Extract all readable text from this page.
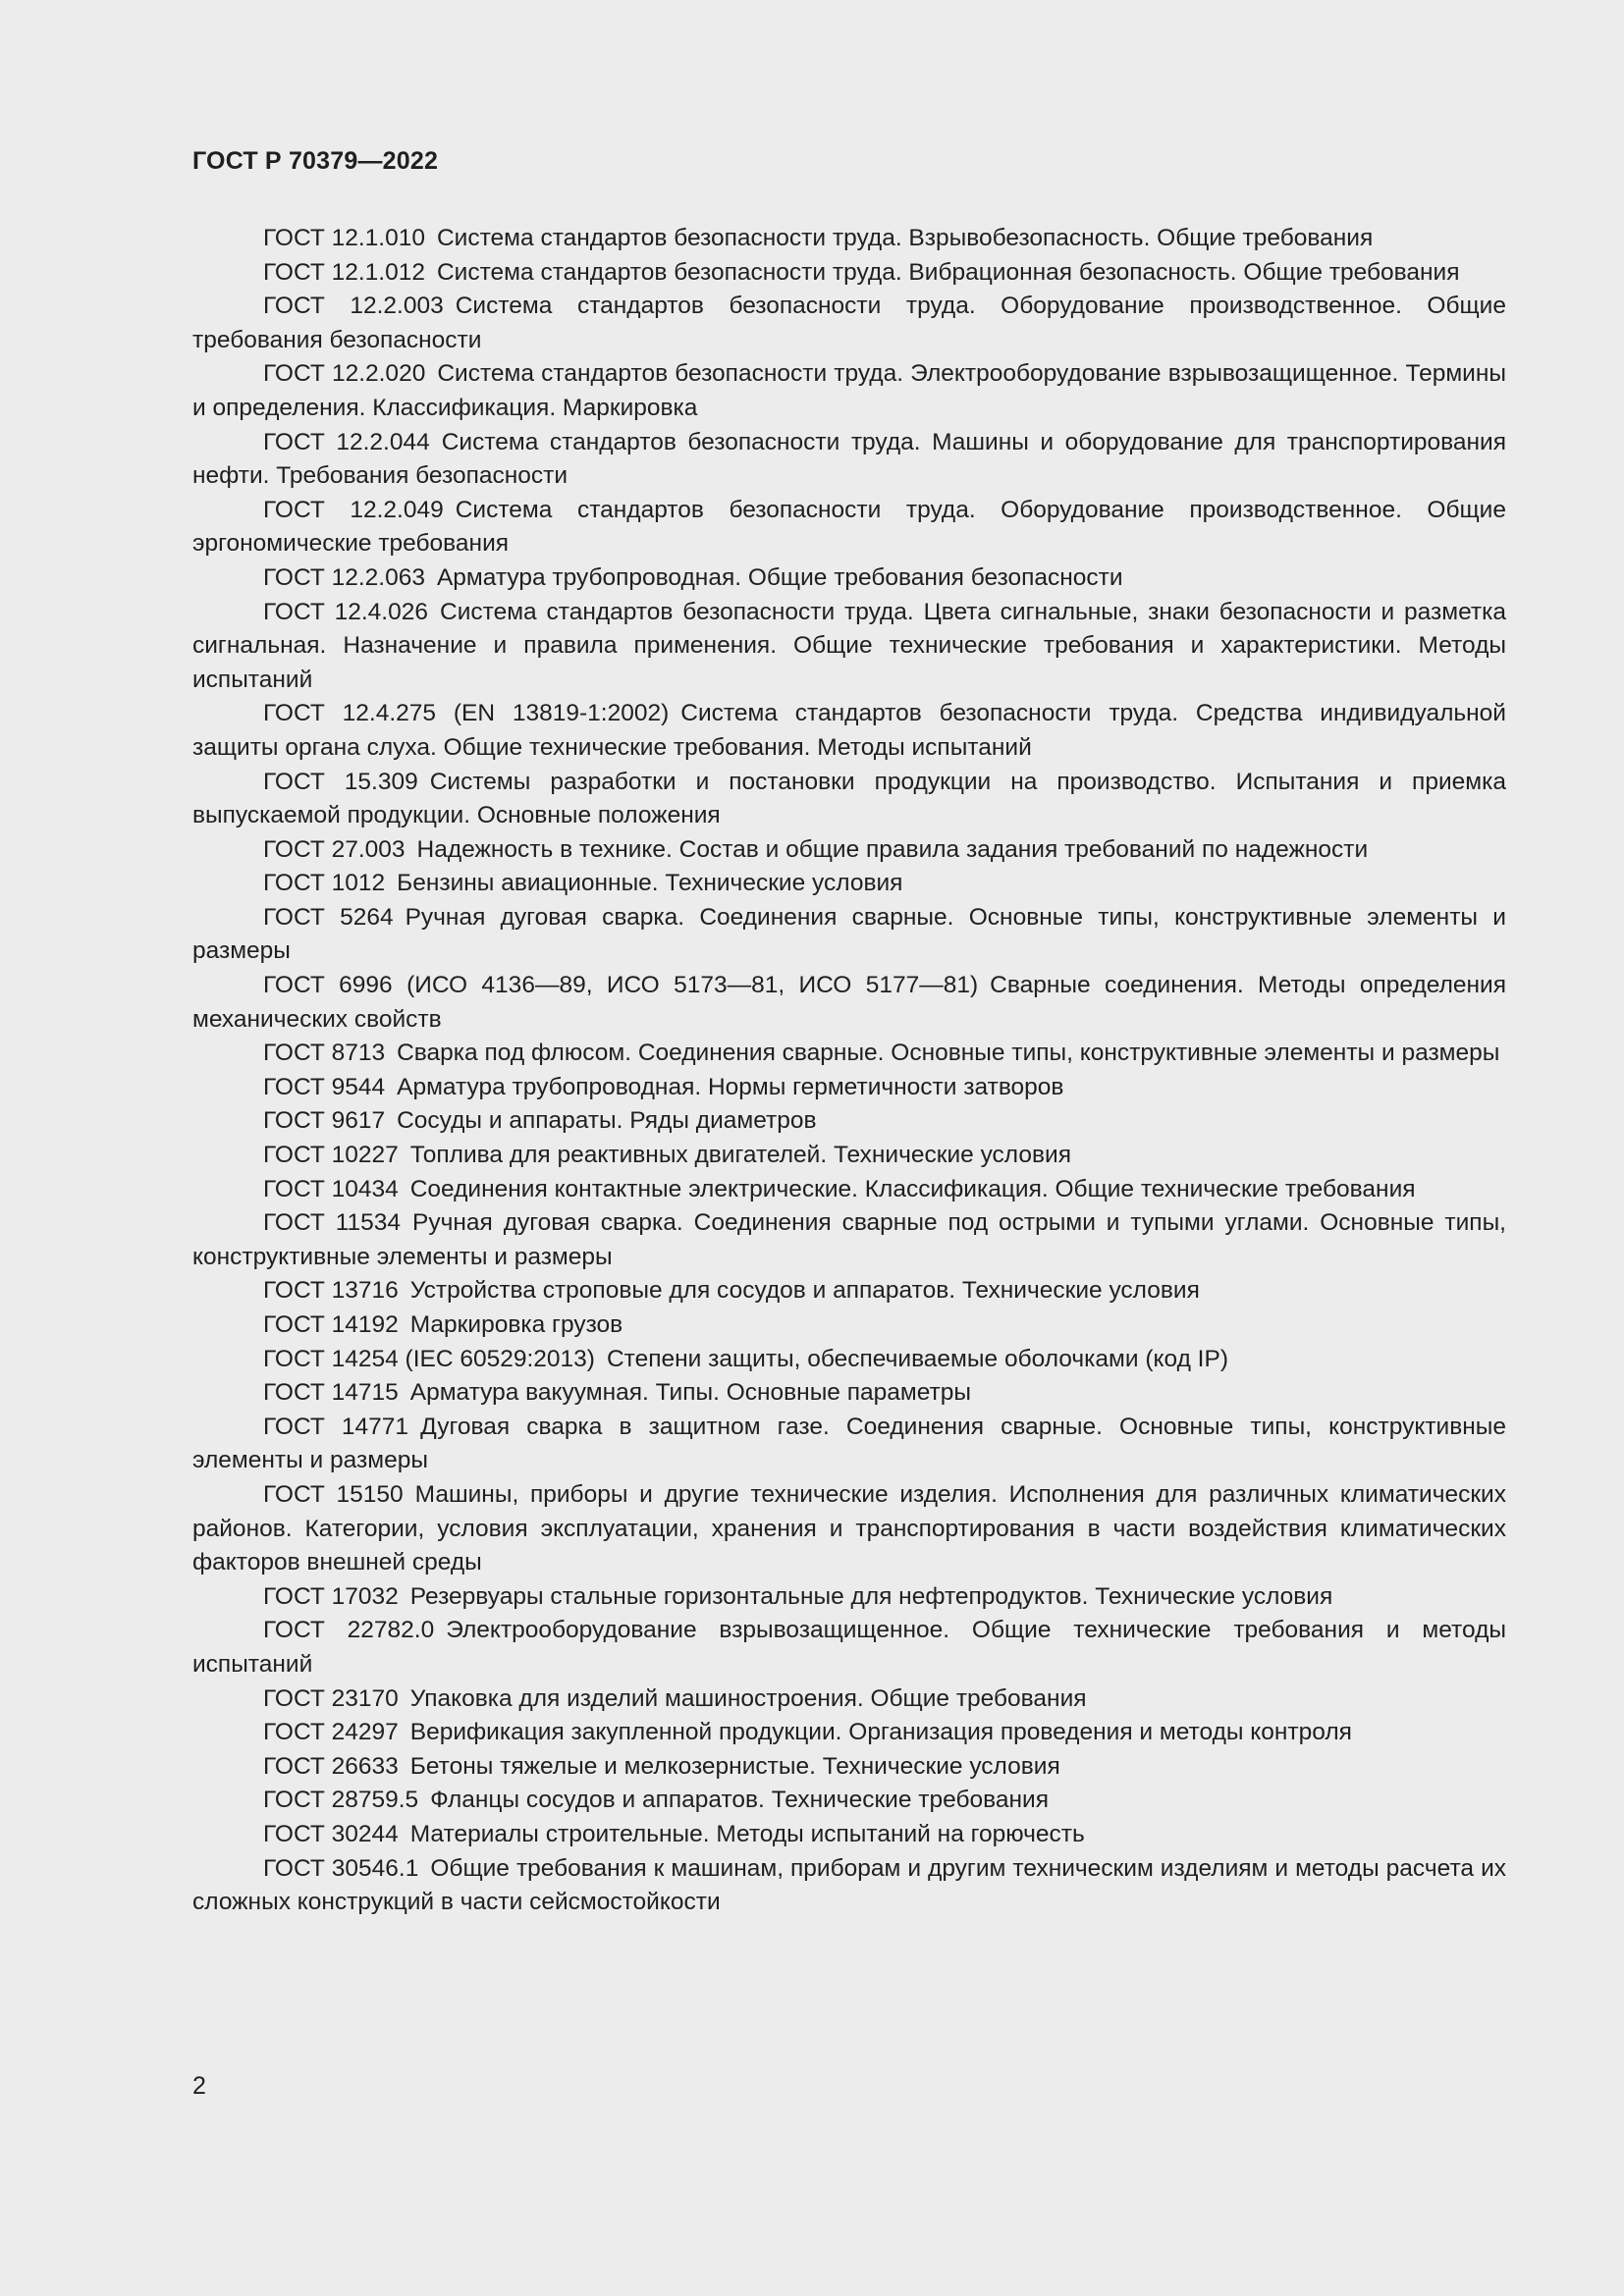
ГОСТ Р 70379—2022

ГОСТ 12.1.010 Система стандартов безопасности труда. Взрывобезопасность. Общие требования

ГОСТ 12.1.012 Система стандартов безопасности труда. Вибрационная безопасность. Общие требования

ГОСТ 12.2.003 Система стандартов безопасности труда. Оборудование производственное. Общие требования безопасности

ГОСТ 12.2.020 Система стандартов безопасности труда. Электрооборудование взрывозащищенное. Термины и определения. Классификация. Маркировка

ГОСТ 12.2.044 Система стандартов безопасности труда. Машины и оборудование для транспортирования нефти. Требования безопасности

ГОСТ 12.2.049 Система стандартов безопасности труда. Оборудование производственное. Общие эргономические требования

ГОСТ 12.2.063 Арматура трубопроводная. Общие требования безопасности

ГОСТ 12.4.026 Система стандартов безопасности труда. Цвета сигнальные, знаки безопасности и разметка сигнальная. Назначение и правила применения. Общие технические требования и характеристики. Методы испытаний

ГОСТ 12.4.275 (EN 13819-1:2002) Система стандартов безопасности труда. Средства индивидуальной защиты органа слуха. Общие технические требования. Методы испытаний

ГОСТ 15.309 Системы разработки и постановки продукции на производство. Испытания и приемка выпускаемой продукции. Основные положения

ГОСТ 27.003 Надежность в технике. Состав и общие правила задания требований по надежности

ГОСТ 1012 Бензины авиационные. Технические условия

ГОСТ 5264 Ручная дуговая сварка. Соединения сварные. Основные типы, конструктивные элементы и размеры

ГОСТ 6996 (ИСО 4136—89, ИСО 5173—81, ИСО 5177—81) Сварные соединения. Методы определения механических свойств

ГОСТ 8713 Сварка под флюсом. Соединения сварные. Основные типы, конструктивные элементы и размеры

ГОСТ 9544 Арматура трубопроводная. Нормы герметичности затворов

ГОСТ 9617 Сосуды и аппараты. Ряды диаметров

ГОСТ 10227 Топлива для реактивных двигателей. Технические условия

ГОСТ 10434 Соединения контактные электрические. Классификация. Общие технические требования

ГОСТ 11534 Ручная дуговая сварка. Соединения сварные под острыми и тупыми углами. Основные типы, конструктивные элементы и размеры

ГОСТ 13716 Устройства строповые для сосудов и аппаратов. Технические условия

ГОСТ 14192 Маркировка грузов

ГОСТ 14254 (IEC 60529:2013) Степени защиты, обеспечиваемые оболочками (код IP)

ГОСТ 14715 Арматура вакуумная. Типы. Основные параметры

ГОСТ 14771 Дуговая сварка в защитном газе. Соединения сварные. Основные типы, конструктивные элементы и размеры

ГОСТ 15150 Машины, приборы и другие технические изделия. Исполнения для различных климатических районов. Категории, условия эксплуатации, хранения и транспортирования в части воздействия климатических факторов внешней среды

ГОСТ 17032 Резервуары стальные горизонтальные для нефтепродуктов. Технические условия

ГОСТ 22782.0 Электрооборудование взрывозащищенное. Общие технические требования и методы испытаний

ГОСТ 23170 Упаковка для изделий машиностроения. Общие требования

ГОСТ 24297 Верификация закупленной продукции. Организация проведения и методы контроля

ГОСТ 26633 Бетоны тяжелые и мелкозернистые. Технические условия

ГОСТ 28759.5 Фланцы сосудов и аппаратов. Технические требования

ГОСТ 30244 Материалы строительные. Методы испытаний на горючесть

ГОСТ 30546.1 Общие требования к машинам, приборам и другим техническим изделиям и методы расчета их сложных конструкций в части сейсмостойкости

2
